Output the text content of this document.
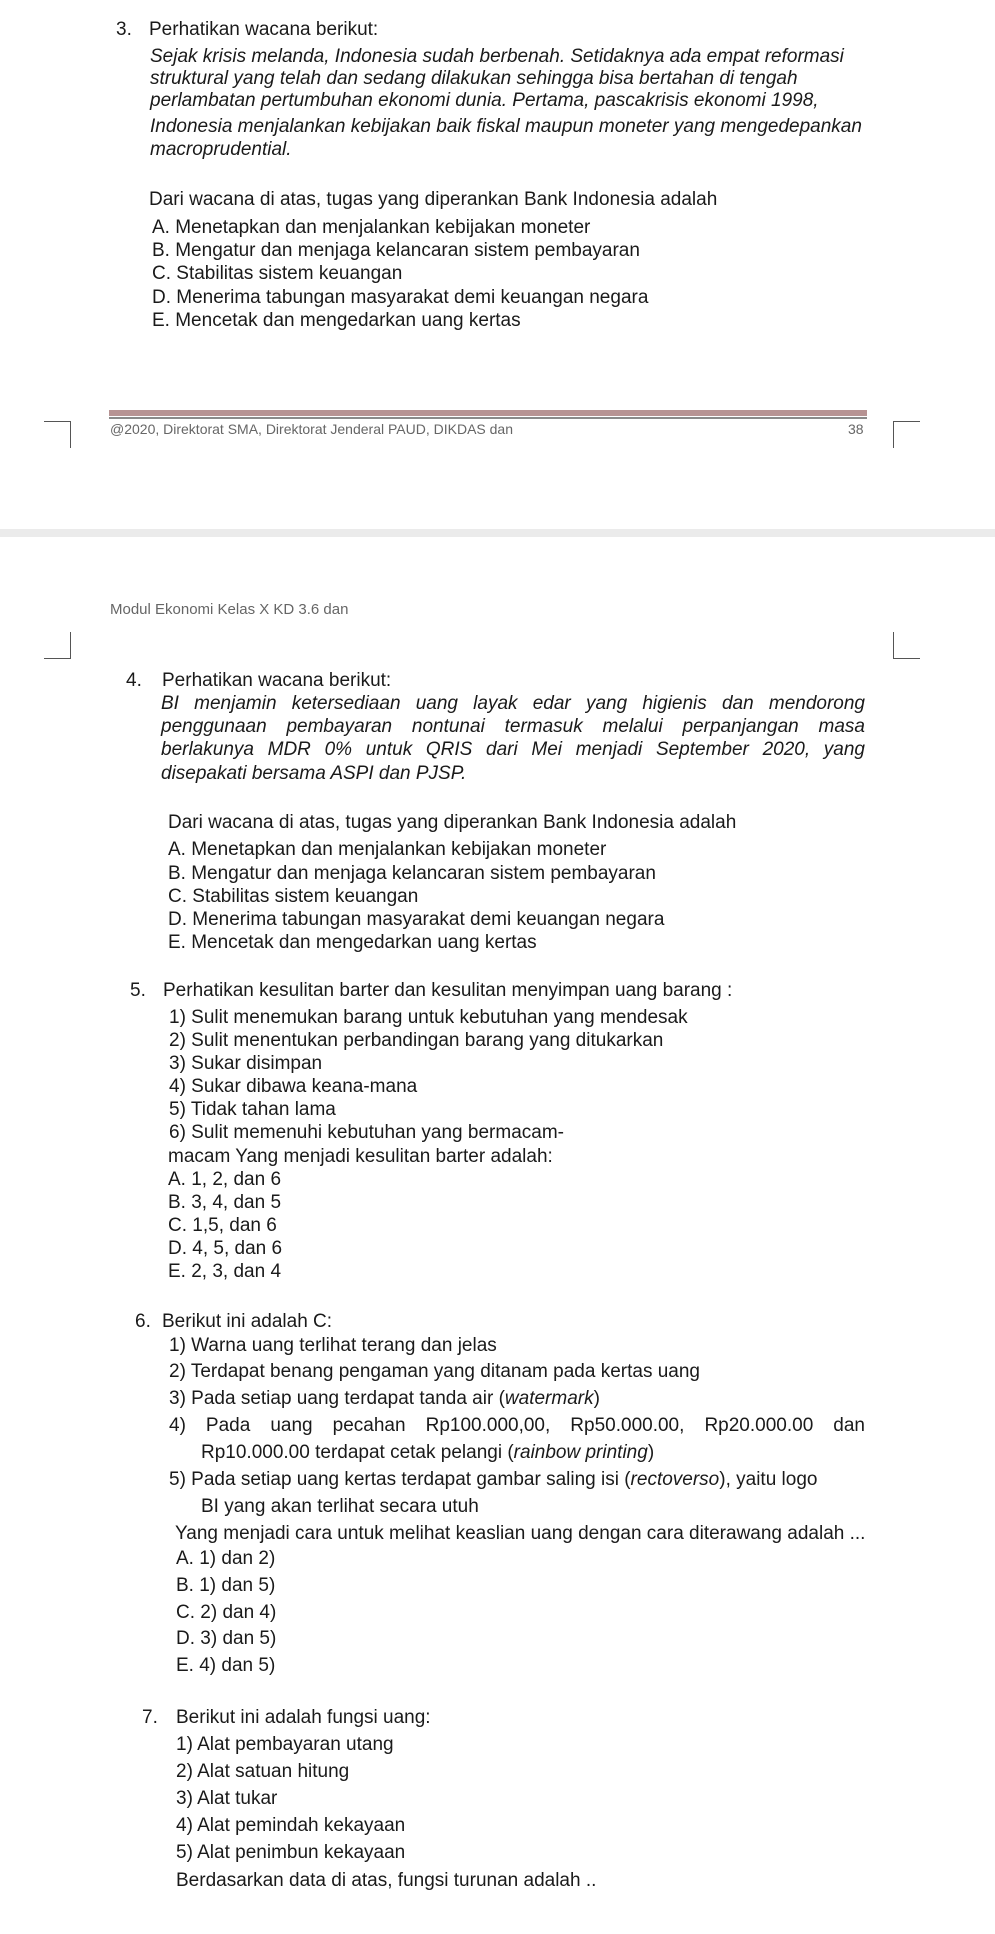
3. Perhatikan wacana berikut:
Sejak krisis melanda, Indonesia sudah berbenah. Setidaknya ada empat reformasi
struktural yang telah dan sedang dilakukan sehingga bisa bertahan di tengah
perlambatan pertumbuhan ekonomi dunia. Pertama, pascakrisis ekonomi 1998,
Indonesia menjalankan kebijakan baik fiskal maupun moneter yang mengedepankan
macroprudential.
Dari wacana di atas, tugas yang diperankan Bank Indonesia adalah
A. Menetapkan dan menjalankan kebijakan moneter
B. Mengatur dan menjaga kelancaran sistem pembayaran
C. Stabilitas sistem keuangan
D. Menerima tabungan masyarakat demi keuangan negara
E. Mencetak dan mengedarkan uang kertas
@2020, Direktorat SMA, Direktorat Jenderal PAUD, DIKDAS dan	38
Modul Ekonomi Kelas X KD 3.6 dan
4. Perhatikan wacana berikut:
BI menjamin ketersediaan uang layak edar yang higienis dan mendorong
penggunaan pembayaran nontunai termasuk melalui perpanjangan masa
berlakunya MDR 0% untuk QRIS dari Mei menjadi September 2020, yang
disepakati bersama ASPI dan PJSP.
Dari wacana di atas, tugas yang diperankan Bank Indonesia adalah
A. Menetapkan dan menjalankan kebijakan moneter
B. Mengatur dan menjaga kelancaran sistem pembayaran
C. Stabilitas sistem keuangan
D. Menerima tabungan masyarakat demi keuangan negara
E. Mencetak dan mengedarkan uang kertas
5. Perhatikan kesulitan barter dan kesulitan menyimpan uang barang :
1) Sulit menemukan barang untuk kebutuhan yang mendesak
2) Sulit menentukan perbandingan barang yang ditukarkan
3) Sukar disimpan
4) Sukar dibawa keana-mana
5) Tidak tahan lama
6) Sulit memenuhi kebutuhan yang bermacam-
macam Yang menjadi kesulitan barter adalah:
A. 1, 2, dan 6
B. 3, 4, dan 5
C. 1,5, dan 6
D. 4, 5, dan 6
E. 2, 3, dan 4
6. Berikut ini adalah C:
1) Warna uang terlihat terang dan jelas
2) Terdapat benang pengaman yang ditanam pada kertas uang
3) Pada setiap uang terdapat tanda air (watermark)
4) Pada uang pecahan Rp100.000,00, Rp50.000.00, Rp20.000.00 dan
Rp10.000.00 terdapat cetak pelangi (rainbow printing)
5) Pada setiap uang kertas terdapat gambar saling isi (rectoverso), yaitu logo
BI yang akan terlihat secara utuh
Yang menjadi cara untuk melihat keaslian uang dengan cara diterawang adalah ...
A. 1) dan 2)
B. 1) dan 5)
C. 2) dan 4)
D. 3) dan 5)
E. 4) dan 5)
7. Berikut ini adalah fungsi uang:
1) Alat pembayaran utang
2) Alat satuan hitung
3) Alat tukar
4) Alat pemindah kekayaan
5) Alat penimbun kekayaan
Berdasarkan data di atas, fungsi turunan adalah ..
